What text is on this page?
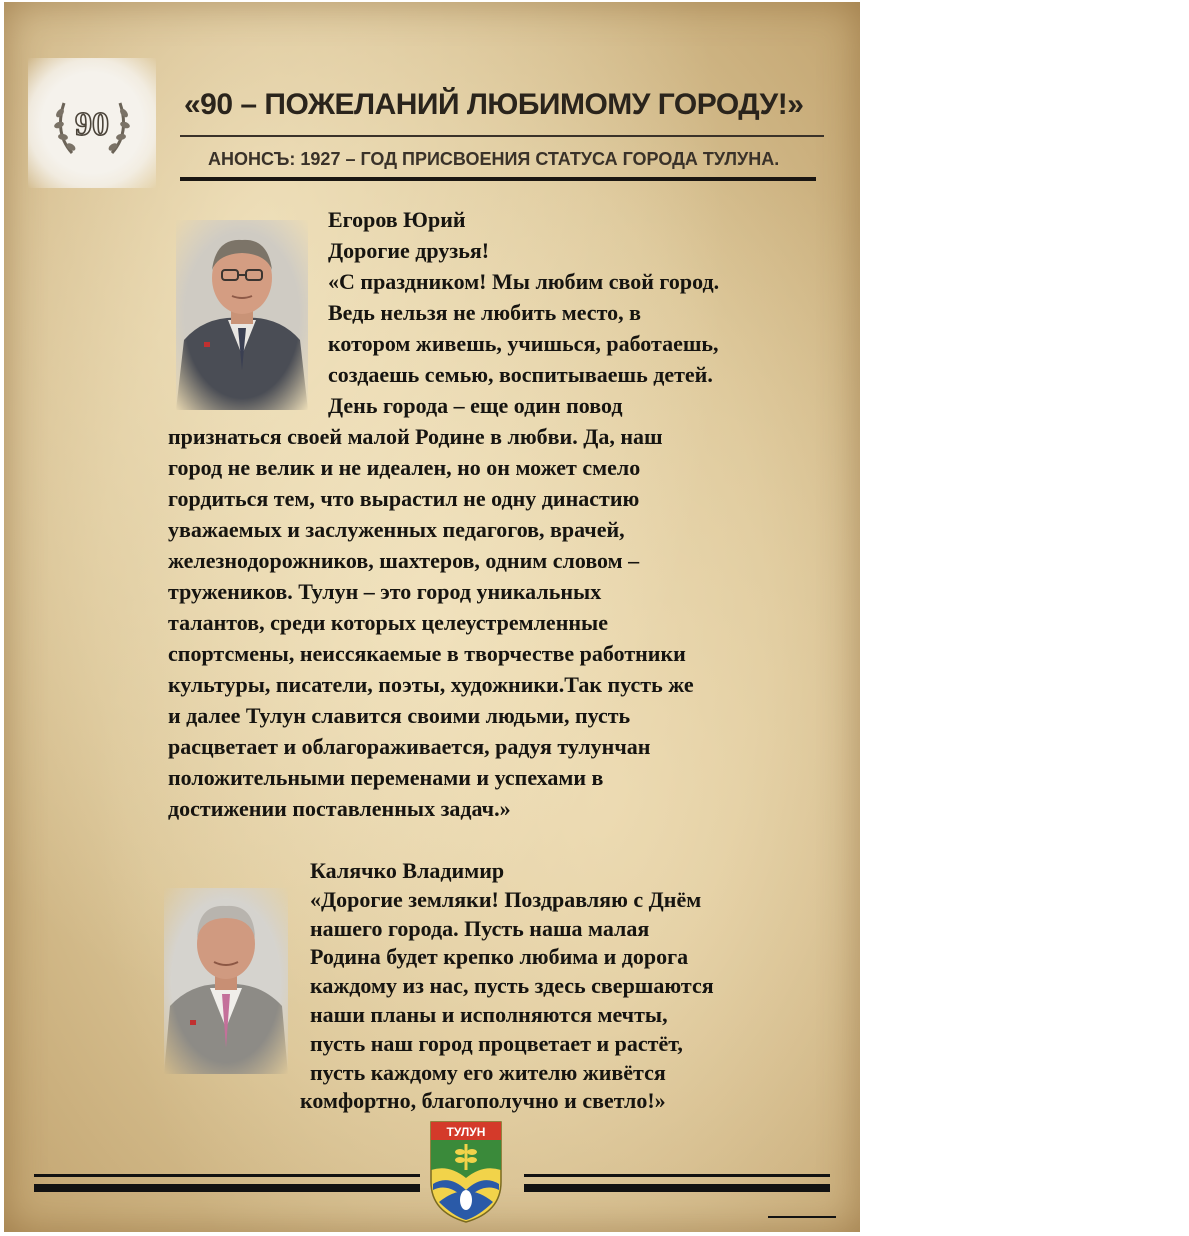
90
«90 – ПОЖЕЛАНИЙ ЛЮБИМОМУ ГОРОДУ!»
АНОНСЪ: 1927 – ГОД ПРИСВОЕНИЯ СТАТУСА ГОРОДА ТУЛУНА.
Егоров Юрий
Дорогие друзья!
«С праздником! Мы любим свой город.
Ведь нельзя не любить место, в
котором живешь, учишься, работаешь,
создаешь семью, воспитываешь детей.
День города – еще один повод
признаться своей малой Родине в любви. Да, наш
город не велик и не идеален, но он может смело
гордиться тем, что вырастил не одну династию
уважаемых и заслуженных педагогов, врачей,
железнодорожников, шахтеров, одним словом –
тружеников. Тулун – это город уникальных
талантов, среди которых целеустремленные
спортсмены, неиссякаемые в творчестве работники
культуры, писатели, поэты, художники.Так пусть же
и далее Тулун славится своими людьми, пусть
расцветает и облагораживается, радуя тулунчан
положительными переменами и успехами в
достижении поставленных задач.»
Калячко Владимир
«Дорогие земляки! Поздравляю с Днём
нашего города. Пусть наша малая
Родина будет крепко любима и дорога
каждому из нас, пусть здесь свершаются
наши планы и исполняются мечты,
пусть наш город процветает и растёт,
пусть каждому его жителю живётся
комфортно, благополучно и светло!»
ТУЛУН
